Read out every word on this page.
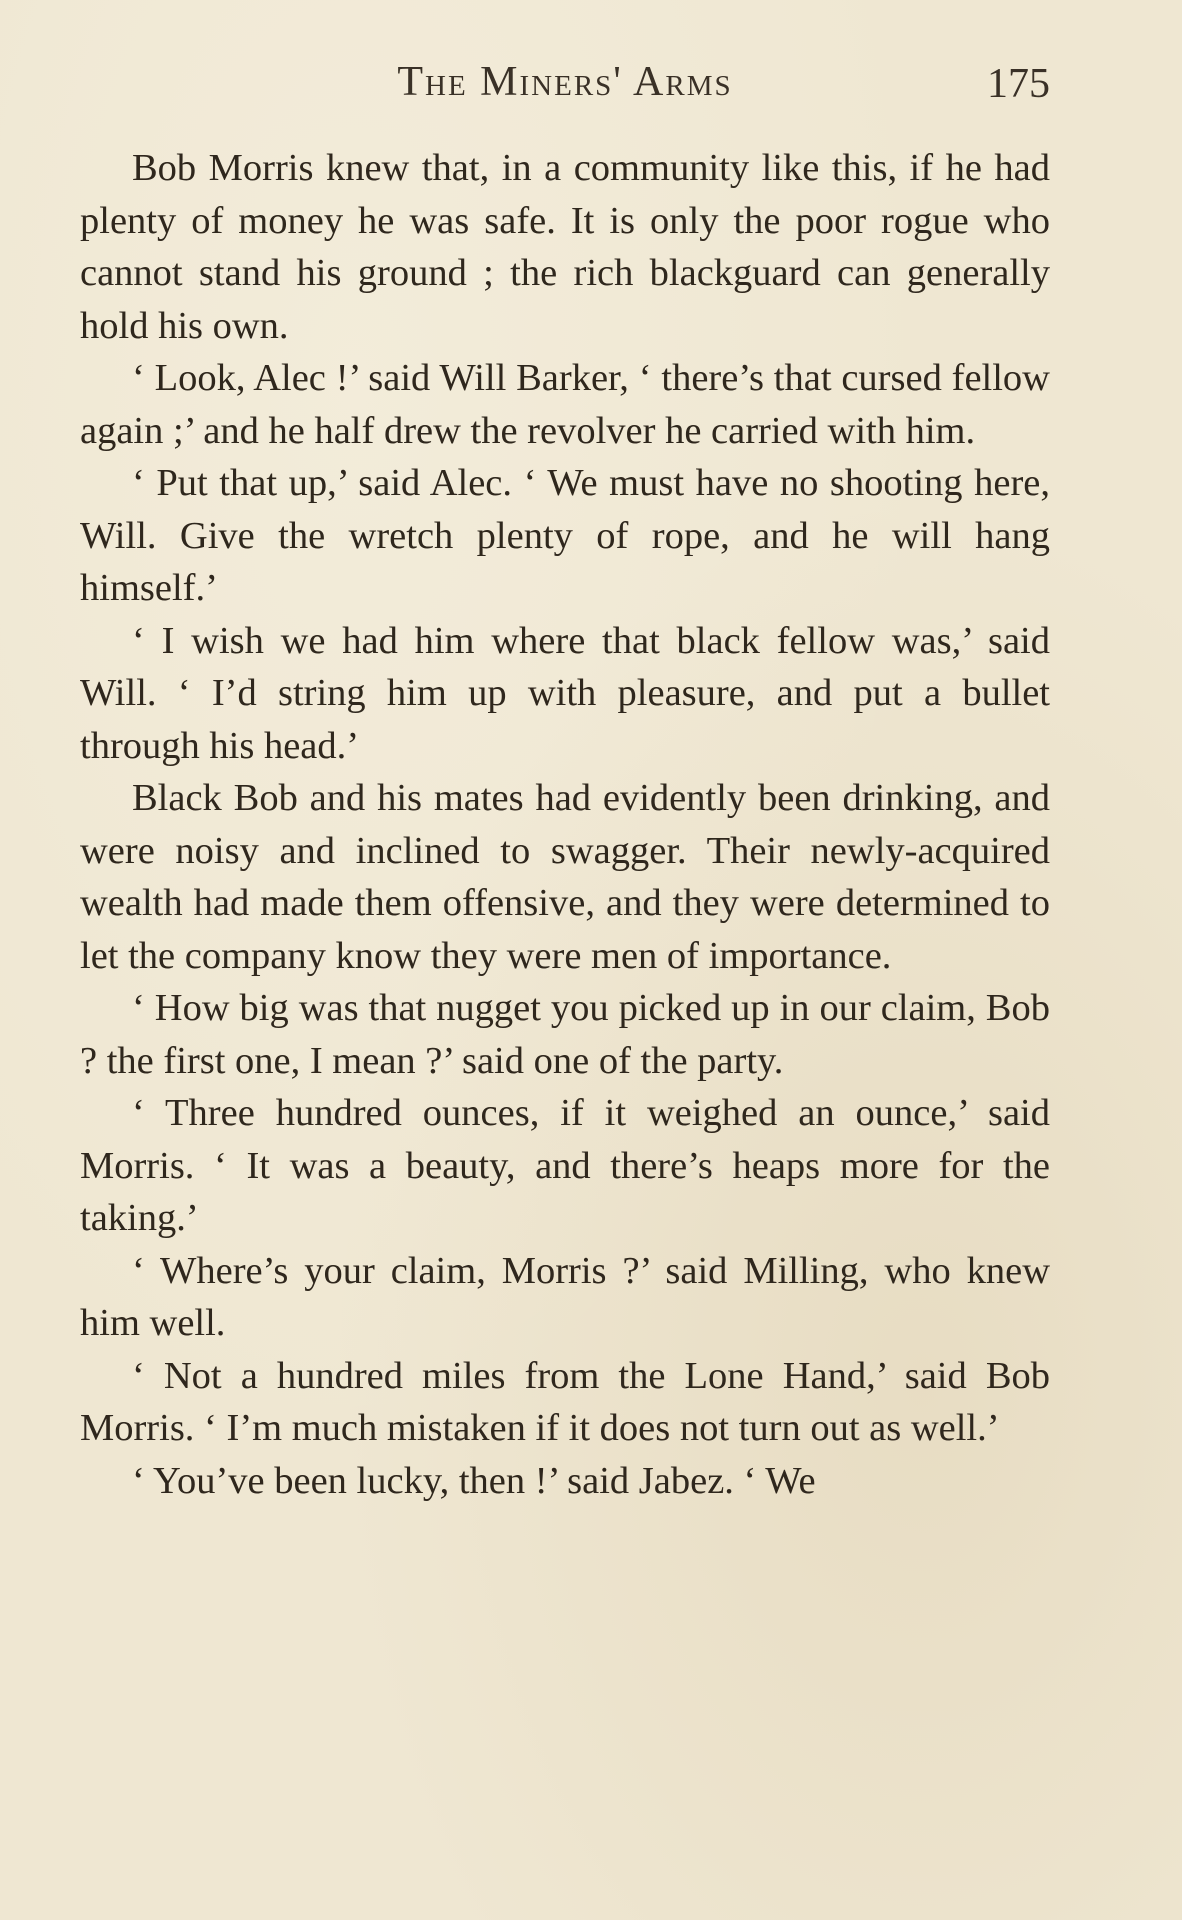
The Miners' Arms	175

Bob Morris knew that, in a community like this, if he had plenty of money he was safe. It is only the poor rogue who cannot stand his ground ; the rich blackguard can generally hold his own.

‘ Look, Alec !’ said Will Barker, ‘ there’s that cursed fellow again ;’ and he half drew the revolver he carried with him.

‘ Put that up,’ said Alec. ‘ We must have no shooting here, Will. Give the wretch plenty of rope, and he will hang himself.’

‘ I wish we had him where that black fellow was,’ said Will. ‘ I’d string him up with pleasure, and put a bullet through his head.’

Black Bob and his mates had evidently been drinking, and were noisy and inclined to swagger. Their newly-acquired wealth had made them offensive, and they were determined to let the company know they were men of importance.

‘ How big was that nugget you picked up in our claim, Bob ? the first one, I mean ?’ said one of the party.

‘ Three hundred ounces, if it weighed an ounce,’ said Morris. ‘ It was a beauty, and there’s heaps more for the taking.’

‘ Where’s your claim, Morris ?’ said Milling, who knew him well.

‘ Not a hundred miles from the Lone Hand,’ said Bob Morris. ‘ I’m much mistaken if it does not turn out as well.’

‘ You’ve been lucky, then !’ said Jabez. ‘ We
